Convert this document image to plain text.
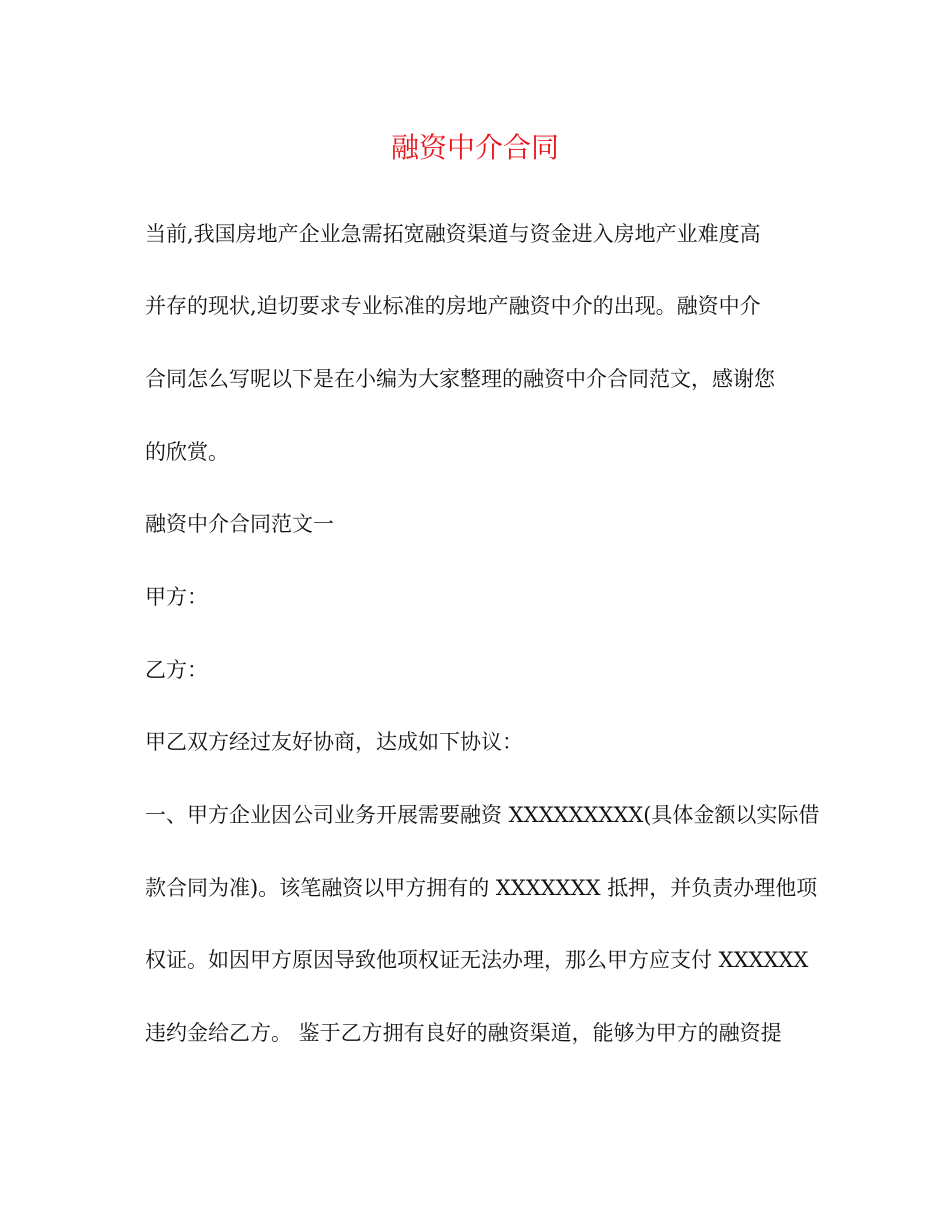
融资中介合同

当前,我国房地产企业急需拓宽融资渠道与资金进入房地产业难度高

并存的现状,迫切要求专业标准的房地产融资中介的出现。融资中介

合同怎么写呢以下是在小编为大家整理的融资中介合同范文，感谢您

的欣赏。

融资中介合同范文一

甲方：

乙方：

甲乙双方经过友好协商，达成如下协议：

一、甲方企业因公司业务开展需要融资 XXXXXXXXX(具体金额以实际借

款合同为准)。该笔融资以甲方拥有的 XXXXXXX 抵押，并负责办理他项

权证。如因甲方原因导致他项权证无法办理，那么甲方应支付 XXXXXX

违约金给乙方。 鉴于乙方拥有良好的融资渠道，能够为甲方的融资提
